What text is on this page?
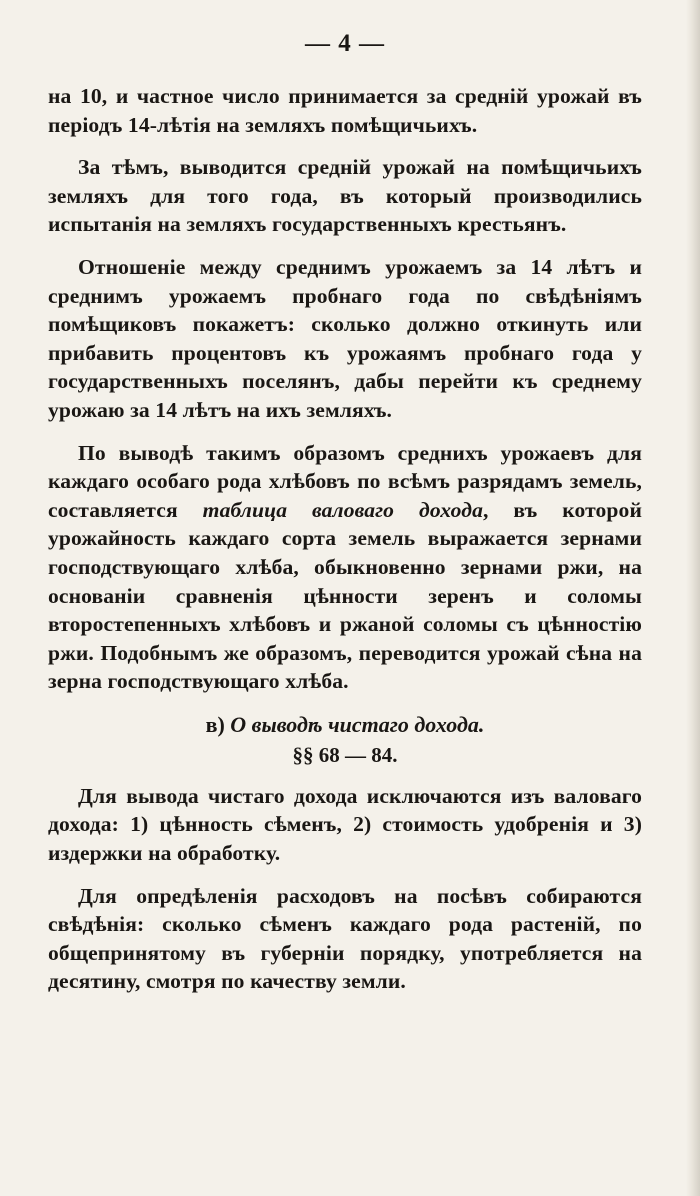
— 4 —

на 10, и частное число принимается за средній урожай въ періодъ 14-лѣтія на земляхъ помѣщичьихъ.

За тѣмъ, выводится средній урожай на помѣщичьихъ земляхъ для того года, въ который производились испытанія на земляхъ государственныхъ крестьянъ.

Отношеніе между среднимъ урожаемъ за 14 лѣтъ и среднимъ урожаемъ пробнаго года по свѣдѣніямъ помѣщиковъ покажетъ: сколько должно откинуть или прибавить процентовъ къ урожаямъ пробнаго года у государственныхъ поселянъ, дабы перейти къ среднему урожаю за 14 лѣтъ на ихъ земляхъ.

По выводѣ такимъ образомъ среднихъ урожаевъ для каждаго особаго рода хлѣбовъ по всѣмъ разрядамъ земель, составляется таблица валоваго дохода, въ которой урожайность каждаго сорта земель выражается зернами господствующаго хлѣба, обыкновенно зернами ржи, на основаніи сравненія цѣнности зеренъ и соломы второстепенныхъ хлѣбовъ и ржаной соломы съ цѣнностію ржи. Подобнымъ же образомъ, переводится урожай сѣна на зерна господствующаго хлѣба.

в) О выводѣ чистаго дохода.
§§ 68 — 84.

Для вывода чистаго дохода исключаются изъ валоваго дохода: 1) цѣнность сѣменъ, 2) стоимость удобренія и 3) издержки на обработку.

Для опредѣленія расходовъ на посѣвъ собираются свѣдѣнія: сколько сѣменъ каждаго рода растеній, по общепринятому въ губерніи порядку, употребляется на десятину, смотря по качеству земли.
